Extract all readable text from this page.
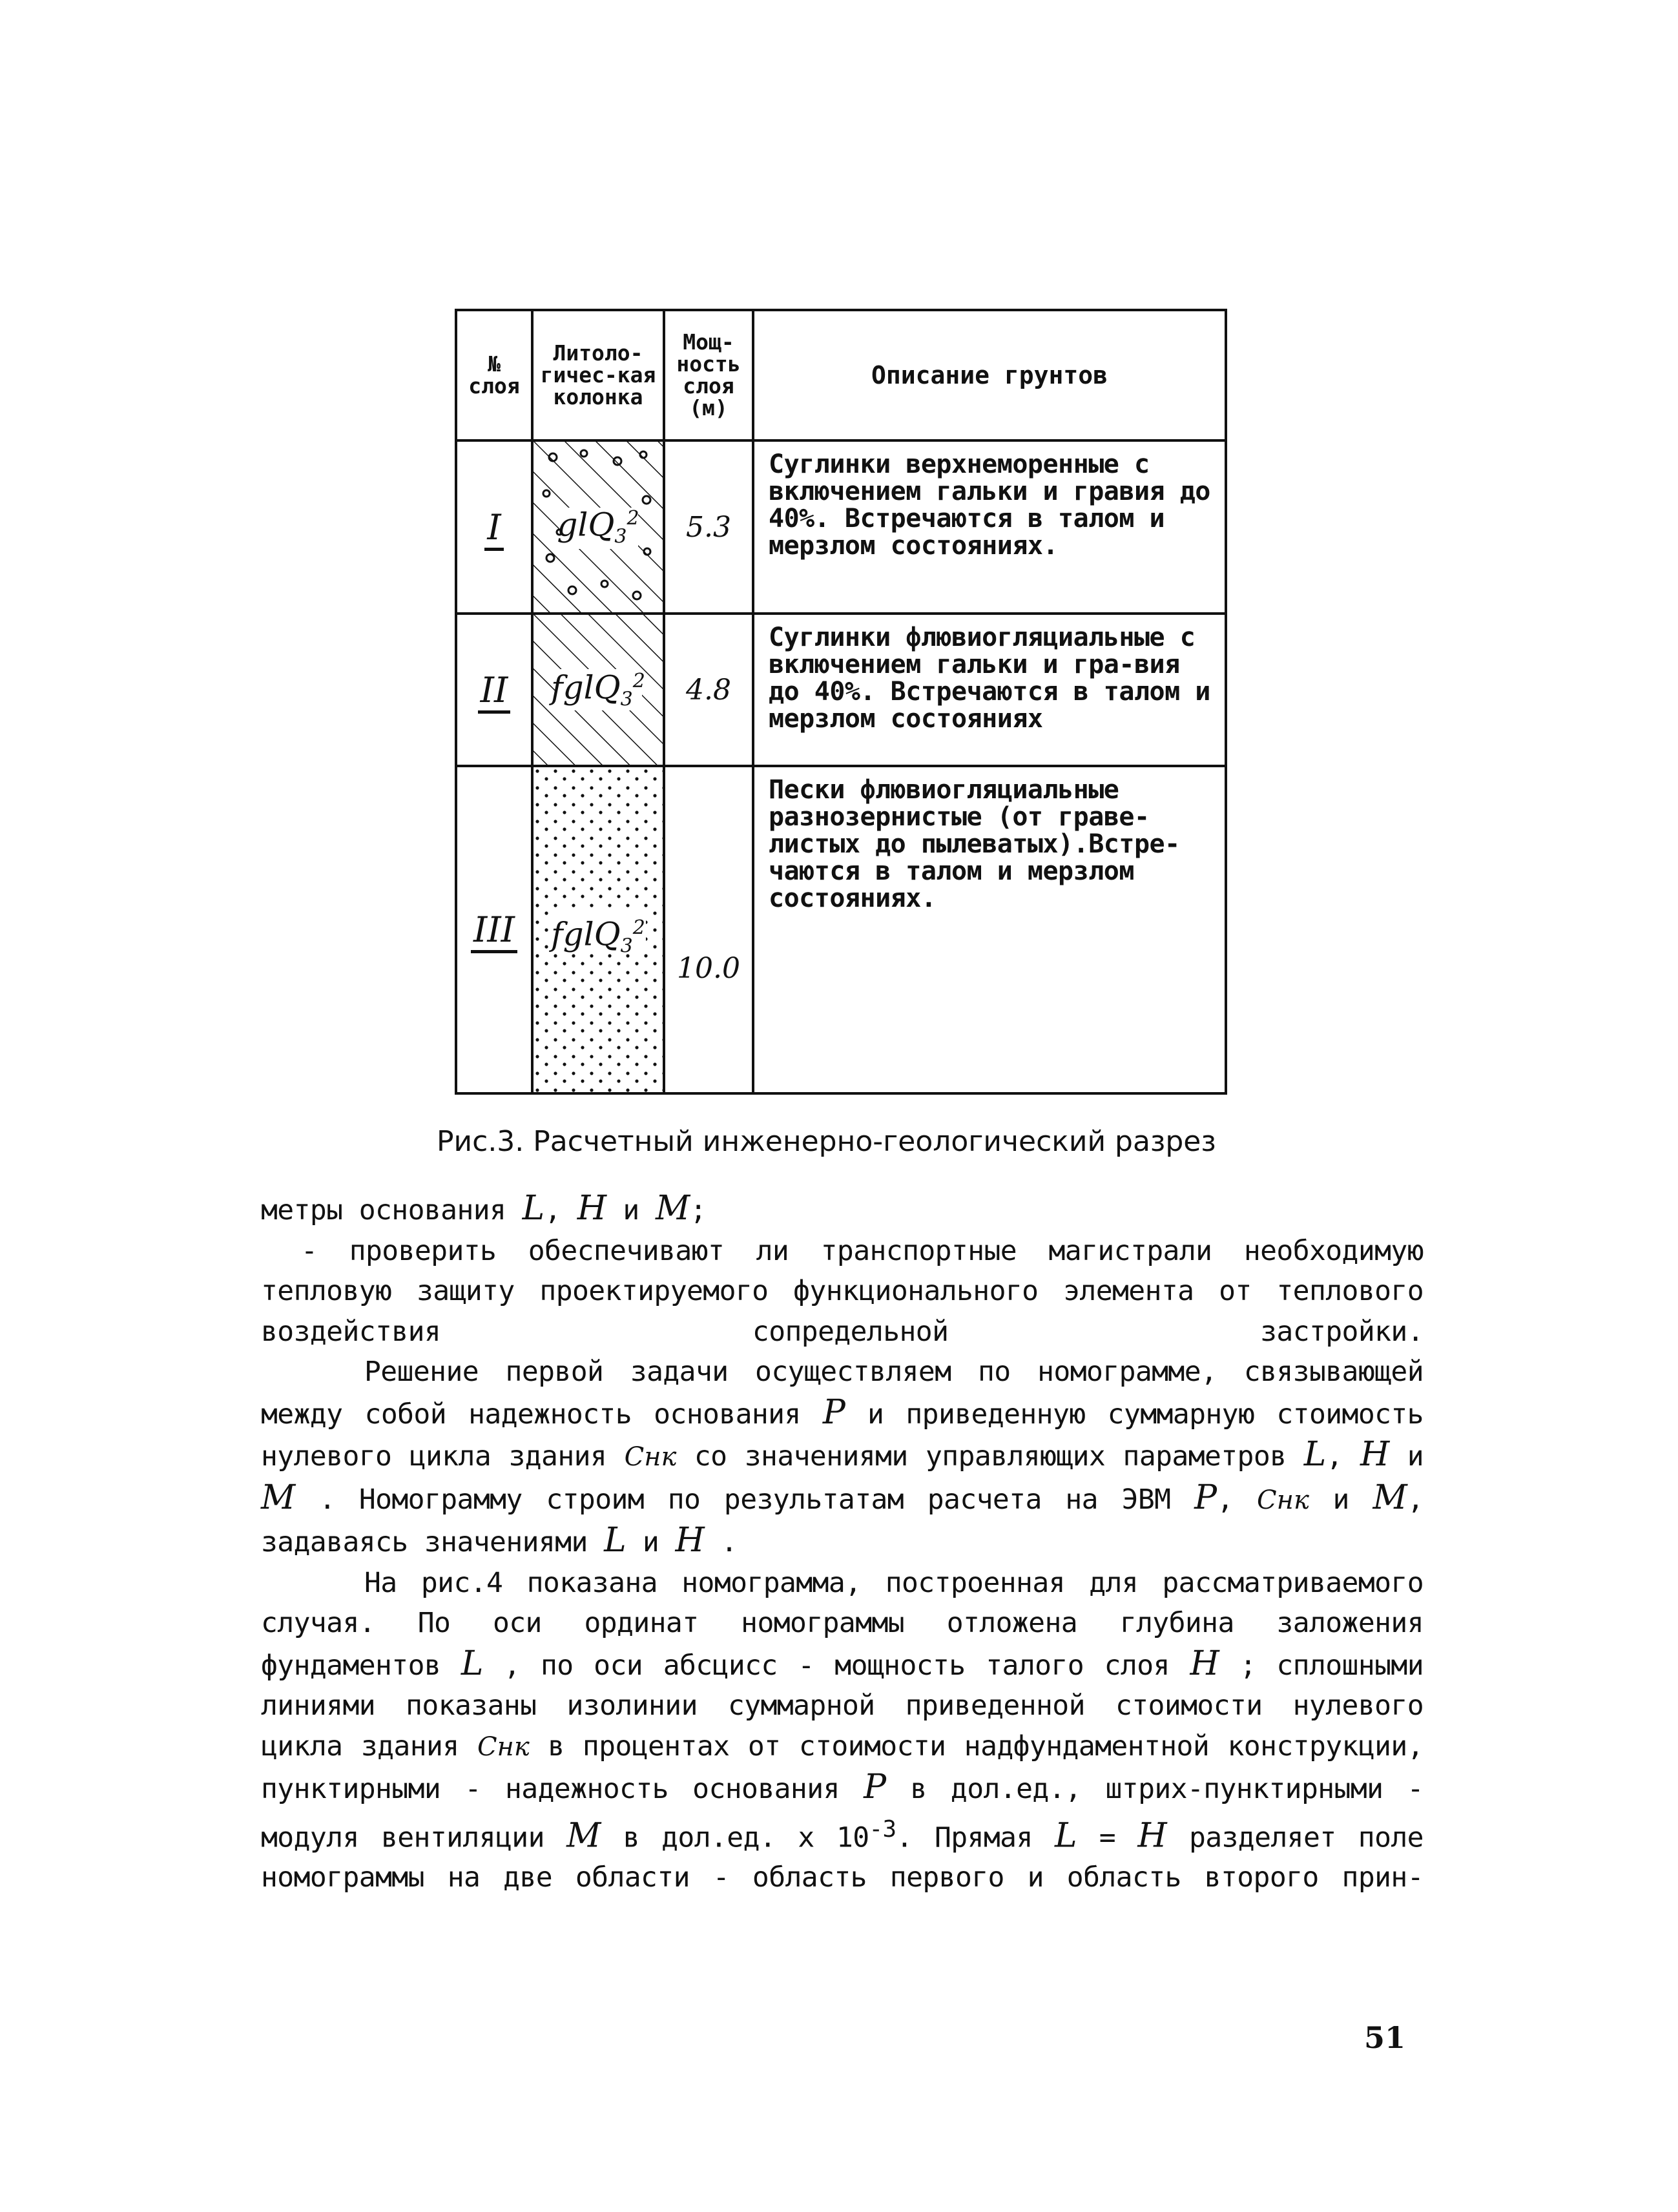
№ слоя	Литоло-гичес-кая колонка	Мощ-ность слоя (м)	Описание грунтов
I	glQ$_3^2$	5.3	Суглинки верхнеморенные с включением гальки и гравия до 40%. Встречаются в талом и мерзлом состояниях.
II	fglQ$_3^2$	4.8	Суглинки флювиогляциальные с включением гальки и гра-вия до 40%. Встречаются в талом и мерзлом состояниях
III	fglQ$_3^2$	10.0	Пески флювиогляциальные разнозернистые (от граве-листых до пылеватых).Встре-чаются в талом и мерзлом состояниях.
Рис.3. Расчетный инженерно-геологический разрез

метры основания L, H и M;

- проверить обеспечивают ли транспортные магистрали необходимую тепловую защиту проектируемого функционального элемента от теплового воздействия сопредельной застройки.

Решение первой задачи осуществляем по номограмме, связывающей между собой надежность основания P и приведенную суммарную стоимость нулевого цикла здания Cнк со значениями управляющих параметров L, H и M . Номограмму строим по результатам расчета на ЭВМ P, Cнк и M, задаваясь значениями L и H .

На рис.4 показана номограмма, построенная для рассматриваемого случая. По оси ординат номограммы отложена глубина заложения фундаментов L , по оси абсцисс - мощность талого слоя H ; сплошными линиями показаны изолинии суммарной приведенной стоимости нулевого цикла здания Cнк в процентах от стоимости надфундаментной конструкции, пунктирными - надежность основания P в дол.ед., штрих-пунктирными - модуля вентиляции M в дол.ед. х $10^{-3}$. Прямая L = H разделяет поле номограммы на две области - область первого и область второго прин-

51
